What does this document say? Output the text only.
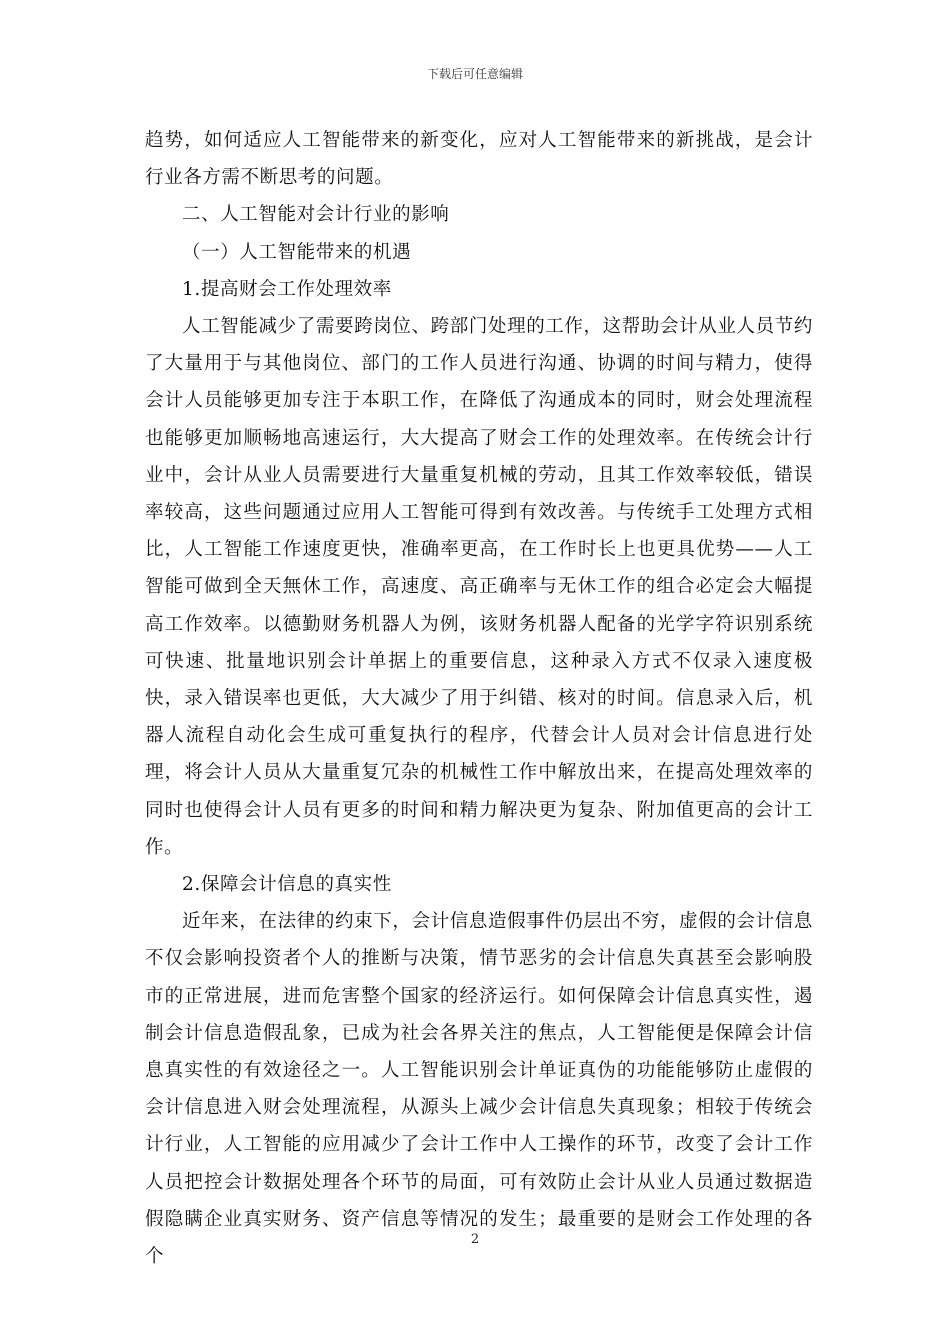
下载后可任意编辑

趋势，如何适应人工智能带来的新变化，应对人工智能带来的新挑战，是会计行业各方需不断思考的问题。

二、人工智能对会计行业的影响

（一）人工智能带来的机遇

1.提高财会工作处理效率

人工智能减少了需要跨岗位、跨部门处理的工作，这帮助会计从业人员节约了大量用于与其他岗位、部门的工作人员进行沟通、协调的时间与精力，使得会计人员能够更加专注于本职工作，在降低了沟通成本的同时，财会处理流程也能够更加顺畅地高速运行，大大提高了财会工作的处理效率。在传统会计行业中，会计从业人员需要进行大量重复机械的劳动，且其工作效率较低，错误率较高，这些问题通过应用人工智能可得到有效改善。与传统手工处理方式相比，人工智能工作速度更快，准确率更高，在工作时长上也更具优势——人工智能可做到全天無休工作，高速度、高正确率与无休工作的组合必定会大幅提高工作效率。以德勤财务机器人为例，该财务机器人配备的光学字符识别系统可快速、批量地识别会计单据上的重要信息，这种录入方式不仅录入速度极快，录入错误率也更低，大大减少了用于纠错、核对的时间。信息录入后，机器人流程自动化会生成可重复执行的程序，代替会计人员对会计信息进行处理，将会计人员从大量重复冗杂的机械性工作中解放出来，在提高处理效率的同时也使得会计人员有更多的时间和精力解决更为复杂、附加值更高的会计工作。

2.保障会计信息的真实性

近年来，在法律的约束下，会计信息造假事件仍层出不穷，虚假的会计信息不仅会影响投资者个人的推断与决策，情节恶劣的会计信息失真甚至会影响股市的正常进展，进而危害整个国家的经济运行。如何保障会计信息真实性，遏制会计信息造假乱象，已成为社会各界关注的焦点，人工智能便是保障会计信息真实性的有效途径之一。人工智能识别会计单证真伪的功能能够防止虚假的会计信息进入财会处理流程，从源头上减少会计信息失真现象；相较于传统会计行业，人工智能的应用减少了会计工作中人工操作的环节，改变了会计工作人员把控会计数据处理各个环节的局面，可有效防止会计从业人员通过数据造假隐瞒企业真实财务、资产信息等情况的发生；最重要的是财会工作处理的各个

2
